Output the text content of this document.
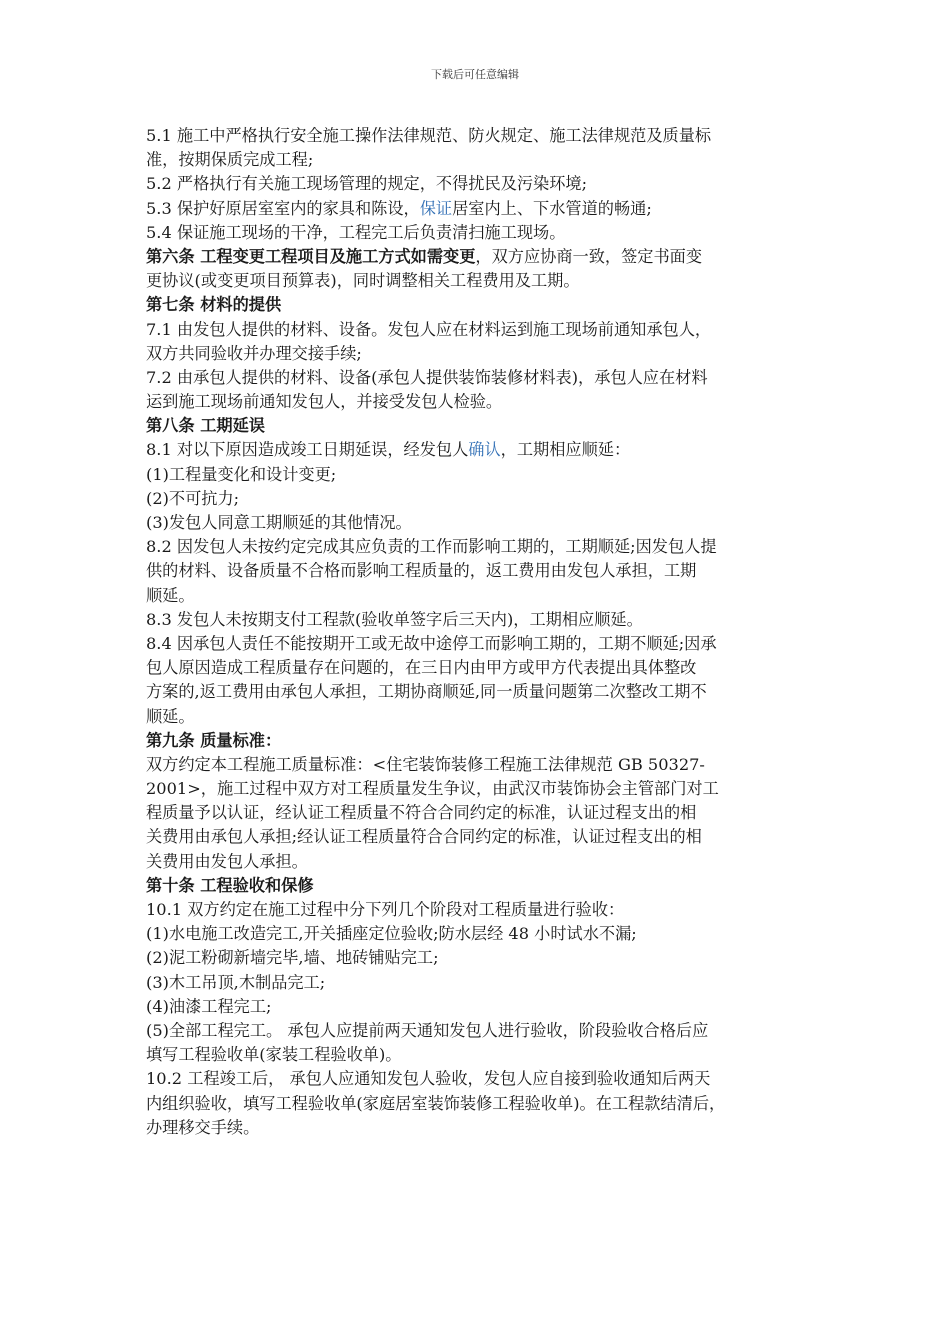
下载后可任意编辑
5.1 施工中严格执行安全施工操作法律规范、防火规定、施工法律规范及质量标
准，按期保质完成工程;
5.2 严格执行有关施工现场管理的规定，不得扰民及污染环境;
5.3 保护好原居室室内的家具和陈设，保证居室内上、下水管道的畅通;
5.4 保证施工现场的干净，工程完工后负责清扫施工现场。
第六条 工程变更工程项目及施工方式如需变更，双方应协商一致，签定书面变
更协议(或变更项目预算表)，同时调整相关工程费用及工期。
第七条 材料的提供
7.1 由发包人提供的材料、设备。发包人应在材料运到施工现场前通知承包人，
双方共同验收并办理交接手续;
7.2 由承包人提供的材料、设备(承包人提供装饰装修材料表)，承包人应在材料
运到施工现场前通知发包人，并接受发包人检验。
第八条 工期延误
8.1 对以下原因造成竣工日期延误，经发包人确认，工期相应顺延：
(1)工程量变化和设计变更;
(2)不可抗力;
(3)发包人同意工期顺延的其他情况。
8.2 因发包人未按约定完成其应负责的工作而影响工期的，工期顺延;因发包人提
供的材料、设备质量不合格而影响工程质量的，返工费用由发包人承担，工期
顺延。
8.3 发包人未按期支付工程款(验收单签字后三天内)，工期相应顺延。
8.4 因承包人责任不能按期开工或无故中途停工而影响工期的，工期不顺延;因承
包人原因造成工程质量存在问题的，在三日内由甲方或甲方代表提出具体整改
方案的,返工费用由承包人承担，工期协商顺延,同一质量问题第二次整改工期不
顺延。
第九条 质量标准：
双方约定本工程施工质量标准：<住宅装饰装修工程施工法律规范 GB 50327-
2001>，施工过程中双方对工程质量发生争议，由武汉市装饰协会主管部门对工
程质量予以认证，经认证工程质量不符合合同约定的标准，认证过程支出的相
关费用由承包人承担;经认证工程质量符合合同约定的标准，认证过程支出的相
关费用由发包人承担。
第十条 工程验收和保修
10.1 双方约定在施工过程中分下列几个阶段对工程质量进行验收：
(1)水电施工改造完工,开关插座定位验收;防水层经 48 小时试水不漏;
(2)泥工粉砌新墙完毕,墙、地砖铺贴完工;
(3)木工吊顶,木制品完工;
(4)油漆工程完工;
(5)全部工程完工。 承包人应提前两天通知发包人进行验收，阶段验收合格后应
填写工程验收单(家装工程验收单)。
10.2 工程竣工后， 承包人应通知发包人验收，发包人应自接到验收通知后两天
内组织验收，填写工程验收单(家庭居室装饰装修工程验收单)。在工程款结清后，
办理移交手续。
